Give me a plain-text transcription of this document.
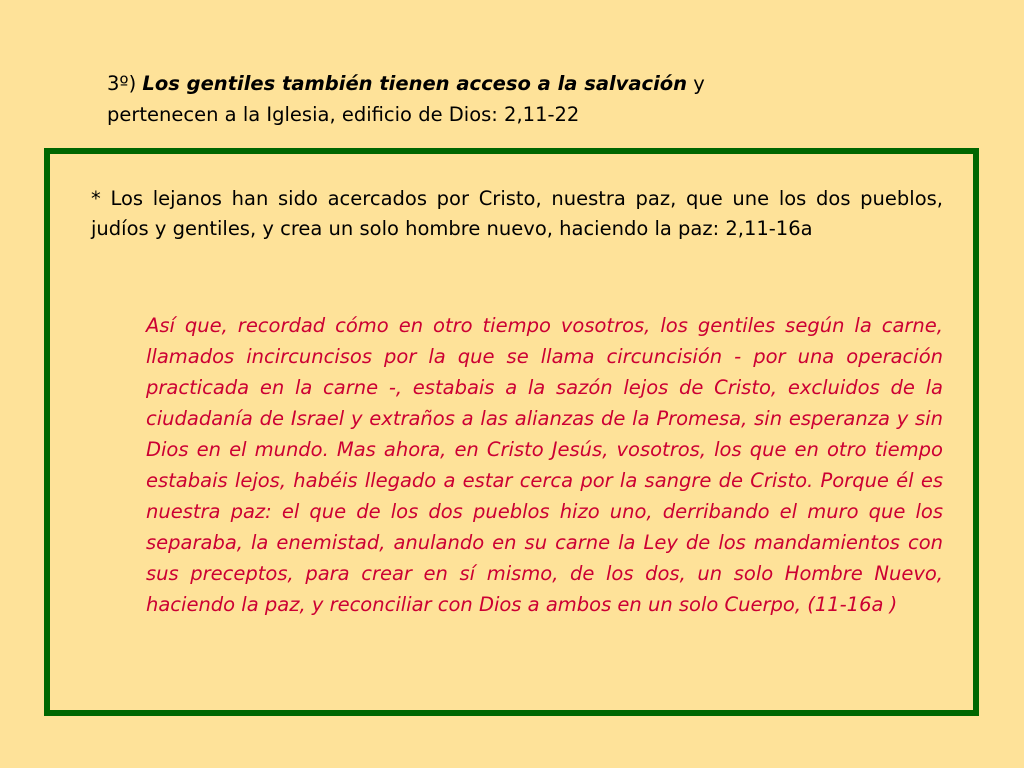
3º) Los gentiles también tienen acceso a la salvación y
pertenecen a la Iglesia, edificio de Dios: 2,11-22

* Los lejanos han sido acercados por Cristo, nuestra paz, que une los dos pueblos, judíos y gentiles, y crea un solo hombre nuevo, haciendo la paz: 2,11-16a

Así que, recordad cómo en otro tiempo vosotros, los gentiles según la carne, llamados incircuncisos por la que se llama circuncisión - por una operación practicada en la carne -, estabais a la sazón lejos de Cristo, excluidos de la ciudadanía de Israel y extraños a las alianzas de la Promesa, sin esperanza y sin Dios en el mundo. Mas ahora, en Cristo Jesús, vosotros, los que en otro tiempo estabais lejos, habéis llegado a estar cerca por la sangre de Cristo. Porque él es nuestra paz: el que de los dos pueblos hizo uno, derribando el muro que los separaba, la enemistad, anulando en su carne la Ley de los mandamientos con sus preceptos, para crear en sí mismo, de los dos, un solo Hombre Nuevo, haciendo la paz, y reconciliar con Dios a ambos en un solo Cuerpo, (11-16a )
